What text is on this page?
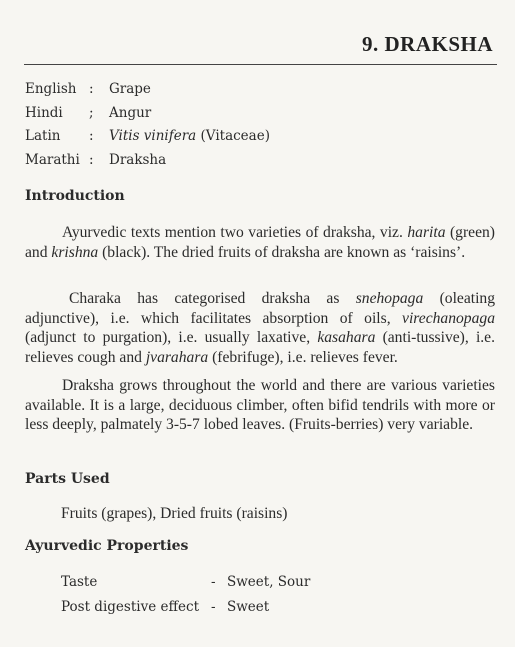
9. DRAKSHA
English :	Grape
Hindi	;	Angur
Latin	:	Vitis vinifera (Vitaceae)
Marathi :	Draksha
Introduction
Ayurvedic texts mention two varieties of draksha, viz. harita (green) and krishna (black). The dried fruits of draksha are known as ‘raisins’.
Charaka has categorised draksha as snehopaga (oleating adjunctive), i.e. which facilitates absorption of oils, virechanopaga (adjunct to purgation), i.e. usually laxative, kasahara (anti-tussive), i.e. relieves cough and jvarahara (febrifuge), i.e. relieves fever.
Draksha grows throughout the world and there are various varieties available. It is a large, deciduous climber, often bifid tendrils with more or less deeply, palmately 3-5-7 lobed leaves. (Fruits-berries) very variable.
Parts Used
Fruits (grapes), Dried fruits (raisins)
Ayurvedic Properties
Taste	- Sweet, Sour
Post digestive effect - Sweet
